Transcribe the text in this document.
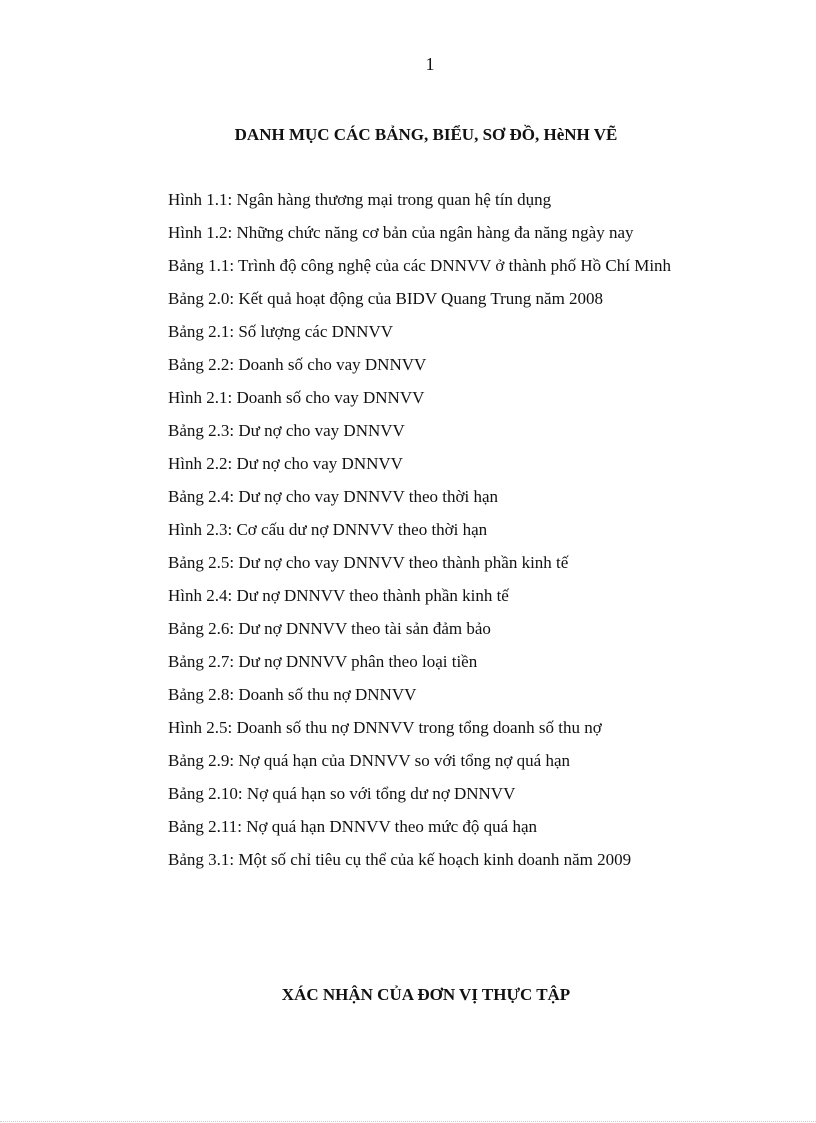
1
DANH MỤC CÁC BẢNG, BIỂU, SƠ ĐỒ, HèNH VẼ
Hình 1.1: Ngân hàng thương mại trong quan hệ tín dụng
Hình 1.2: Những chức năng cơ bản của ngân hàng đa năng ngày nay
Bảng 1.1: Trình độ công nghệ của các DNNVV ở thành phố Hồ Chí Minh
Bảng 2.0: Kết quả hoạt động của BIDV Quang Trung năm 2008
Bảng 2.1: Số lượng các DNNVV
Bảng 2.2: Doanh số cho vay DNNVV
Hình 2.1: Doanh số cho vay DNNVV
Bảng 2.3: Dư nợ cho vay DNNVV
Hình 2.2: Dư nợ cho vay DNNVV
Bảng 2.4: Dư nợ cho vay DNNVV theo thời hạn
Hình 2.3: Cơ cấu dư nợ DNNVV theo thời hạn
Bảng 2.5: Dư nợ cho vay DNNVV theo thành phần kinh tế
Hình 2.4: Dư nợ DNNVV theo thành phần kinh tế
Bảng 2.6: Dư nợ DNNVV theo tài sản đảm bảo
Bảng 2.7: Dư nợ DNNVV phân theo loại tiền
Bảng 2.8: Doanh số thu nợ DNNVV
Hình 2.5: Doanh số thu nợ DNNVV trong tổng doanh số thu nợ
Bảng 2.9: Nợ quá hạn của DNNVV so với tổng nợ quá hạn
Bảng 2.10: Nợ quá hạn so với tổng dư nợ DNNVV
Bảng 2.11: Nợ quá hạn DNNVV theo mức độ quá hạn
Bảng 3.1: Một số chỉ tiêu cụ thể của kế hoạch kinh doanh năm 2009
XÁC NHẬN CỦA ĐƠN VỊ THỰC TẬP
